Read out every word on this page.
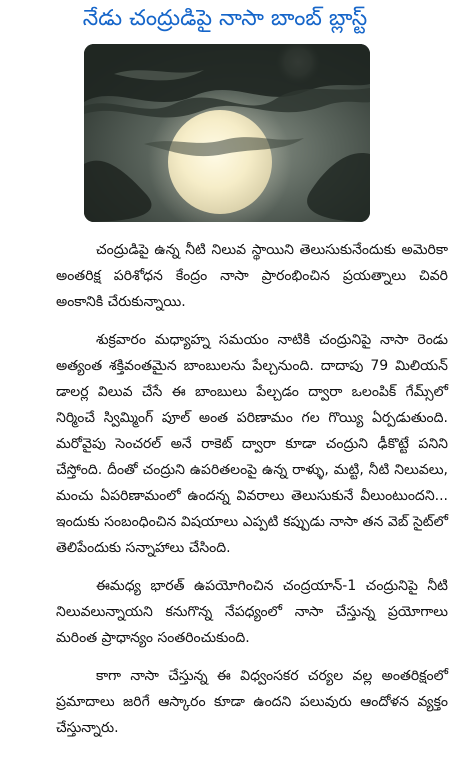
నేడు చంద్రుడిపై నాసా బాంబ్ బ్లాస్ట్

చంద్రుడిపై ఉన్న నీటి నిలువ స్థాయిని తెలుసుకునేందుకు అమెరికా అంతరిక్ష పరిశోధన కేంద్రం నాసా ప్రారంభించిన ప్రయత్నాలు చివరి అంకానికి చేరుకున్నాయి.

శుక్రవారం మధ్యాహ్న సమయం నాటికి చంద్రునిపై నాసా రెండు అత్యంత శక్తివంతమైన బాంబులను పేల్చనుంది. దాదాపు 79 మిలియన్ డాలర్ల విలువ చేసే ఈ బాంబులు పేల్చడం ద్వారా ఒలంపిక్ గేమ్స్‌లో నిర్మించే స్విమ్మింగ్ పూల్ అంత పరిణామం గల గొయ్యి ఏర్పడుతుంది. మరోవైపు సెంచరల్ అనే రాకెట్ ద్వారా కూడా చంద్రుని ఢీకొట్టే పనిని చేస్తోంది. దీంతో చంద్రుని ఉపరితలంపై ఉన్న రాళ్ళు, మట్టి, నీటి నిలువలు, మంచు ఏపరిణామంలో ఉందన్న వివరాలు తెలుసుకునే వీలుంటుందని... ఇందుకు సంబంధించిన విషయాలు ఎప్పటి కప్పుడు నాసా తన వెబ్ సైట్‌లో తెలిపేందుకు సన్నాహాలు చేసింది.

ఈమధ్య భారత్ ఉపయోగించిన చంద్రయాన్-1 చంద్రునిపై నీటి నిలువలున్నాయని కనుగొన్న నేపధ్యంలో నాసా చేస్తున్న ప్రయోగాలు మరింత ప్రాధాన్యం సంతరించుకుంది.

కాగా నాసా చేస్తున్న ఈ విధ్వంసకర చర్యల వల్ల అంతరిక్షంలో ప్రమాదాలు జరిగే ఆస్కారం కూడా ఉందని పలువురు ఆందోళన వ్యక్తం చేస్తున్నారు.
